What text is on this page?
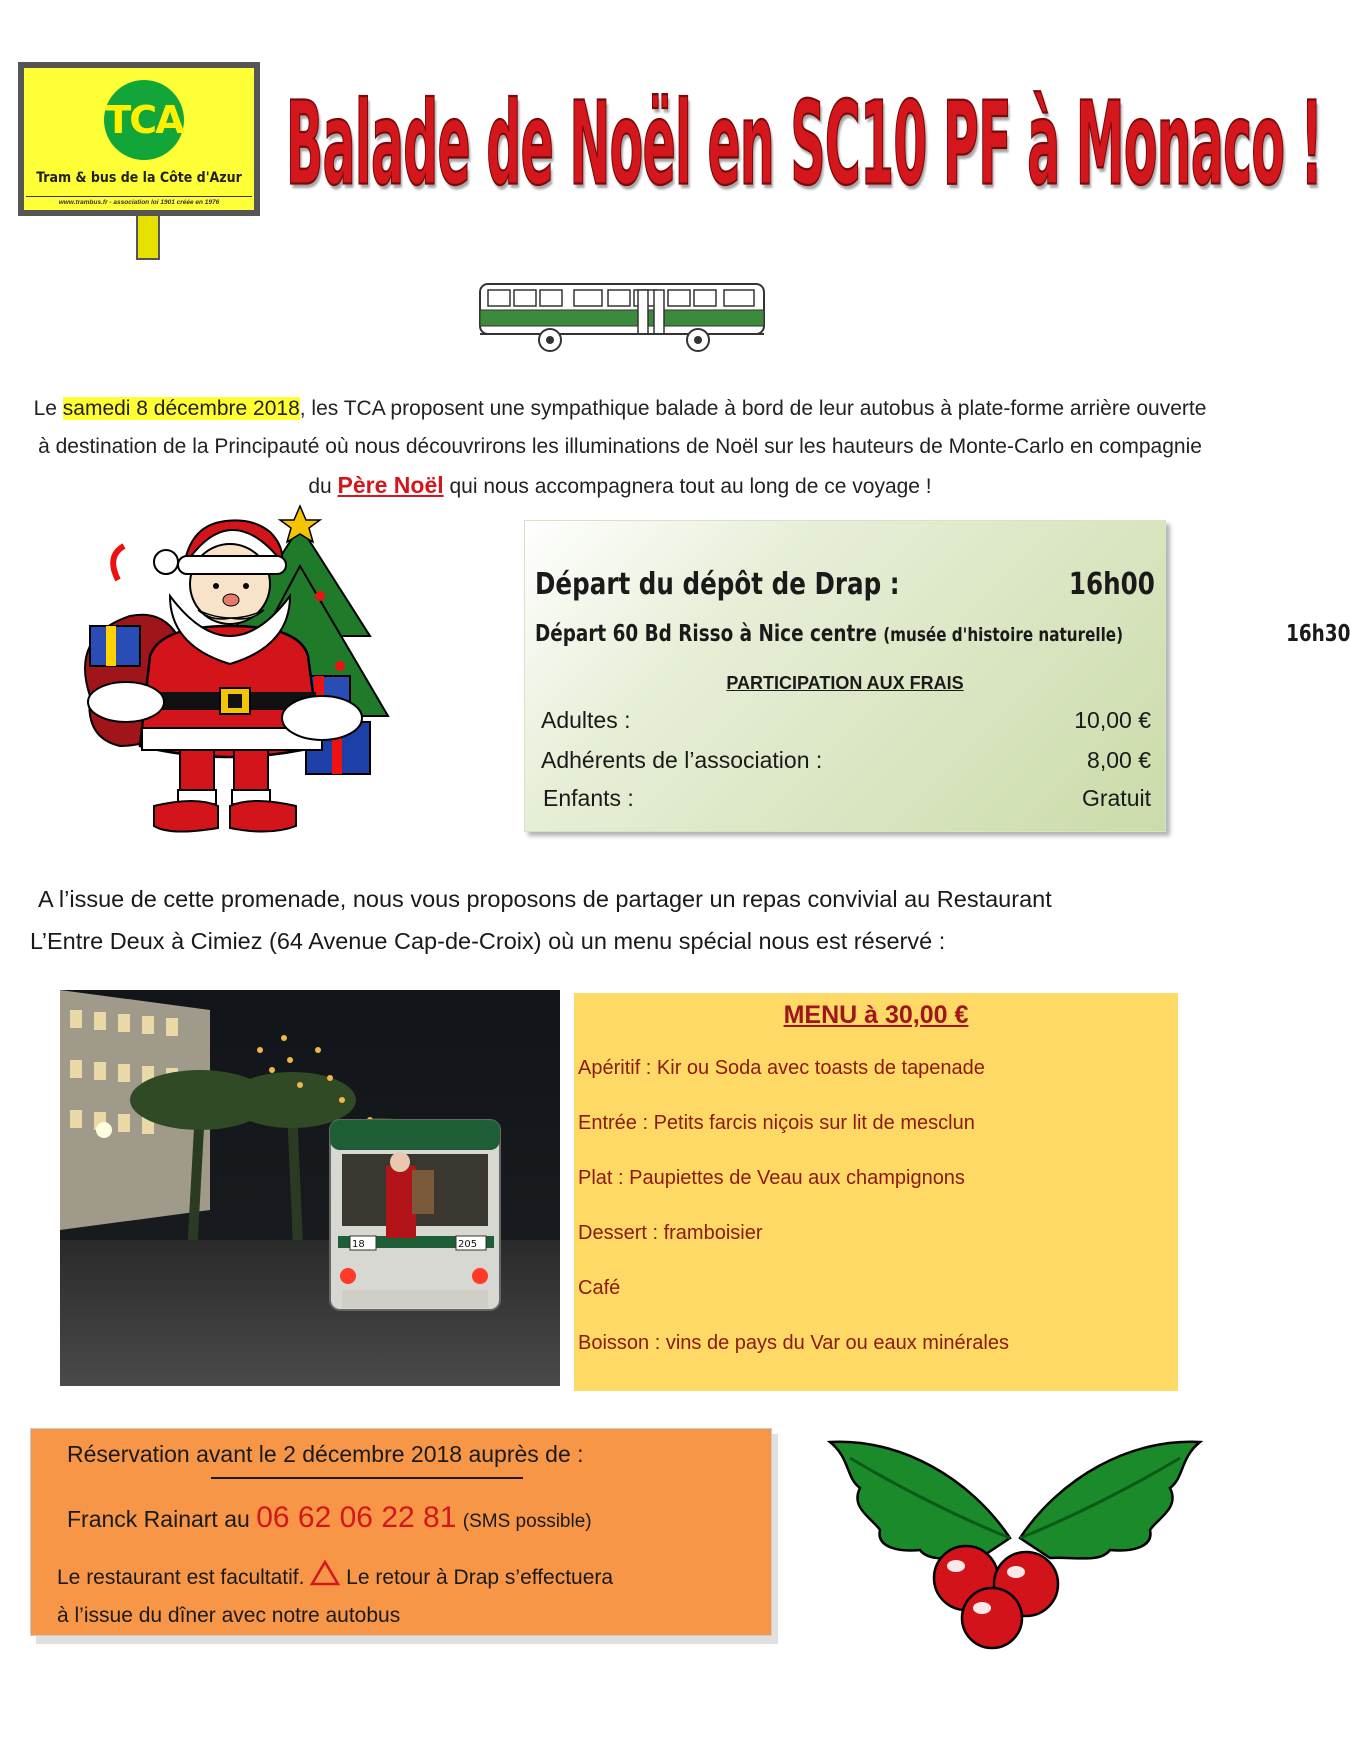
TCA
Tram & bus de la Côte d'Azur
www.trambus.fr - association loi 1901 créée en 1976 Balade de Noël en SC10 PF à Monaco !
Le samedi 8 décembre 2018, les TCA proposent une sympathique balade à bord de leur autobus à plate-forme arrière ouverte à destination de la Principauté où nous découvrirons les illuminations de Noël sur les hauteurs de Monte-Carlo en compagnie du Père Noël qui nous accompagnera tout au long de ce voyage !
Départ du dépôt de Drap :	16h00
Départ 60 Bd Risso à Nice centre (musée d'histoire naturelle)	16h30
PARTICIPATION AUX FRAIS
Adultes :	10,00 €
Adhérents de l’association :	8,00 €
Enfants :	Gratuit
A l’issue de cette promenade, nous vous proposons de partager un repas convivial au Restaurant
L’Entre Deux à Cimiez (64 Avenue Cap-de-Croix) où un menu spécial nous est réservé :
18	205
MENU à 30,00 €
Apéritif : Kir ou Soda avec toasts de tapenade
Entrée : Petits farcis niçois sur lit de mesclun
Plat : Paupiettes de Veau aux champignons
Dessert : framboisier
Café
Boisson : vins de pays du Var ou eaux minérales
Réservation avant le 2 décembre 2018 auprès de :
Franck Rainart au 06 62 06 22 81 (SMS possible)
Le restaurant est facultatif. Le retour à Drap s’effectuera
à l’issue du dîner avec notre autobus
